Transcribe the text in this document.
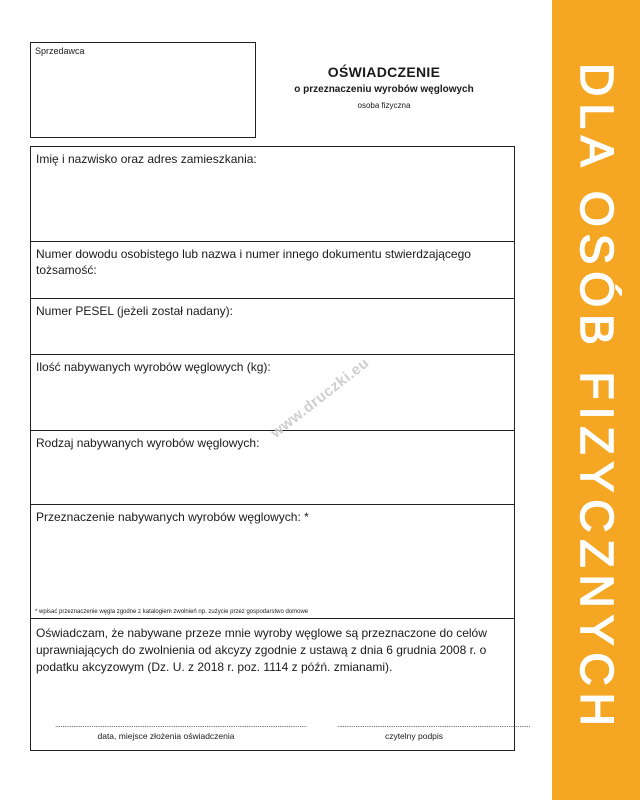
Sprzedawca
OŚWIADCZENIE
o przeznaczeniu wyrobów węglowych
osoba fizyczna
Imię i nazwisko oraz adres zamieszkania:
Numer dowodu osobistego lub nazwa i numer innego dokumentu stwierdzającego tożsamość:
Numer PESEL (jeżeli został nadany):
Ilość nabywanych wyrobów węglowych (kg):
Rodzaj nabywanych wyrobów węglowych:
Przeznaczenie nabywanych wyrobów węglowych: *
* wpisać przeznaczenie węgla zgodne z katalogiem zwolnień np. zużycie przez gospodarstwo domowe
Oświadczam, że nabywane przeze mnie wyroby węglowe są przeznaczone do celów uprawniających do zwolnienia od akcyzy zgodnie z ustawą z dnia 6 grudnia 2008 r. o podatku akcyzowym (Dz. U. z 2018 r. poz. 1114 z późń. zmianami).
..........................................................................................................................................
data, miejsce złożenia oświadczenia
..........................................................................................................
czytelny podpis
www.druczki.eu	DLA OSÓB FIZYCZNYCH
